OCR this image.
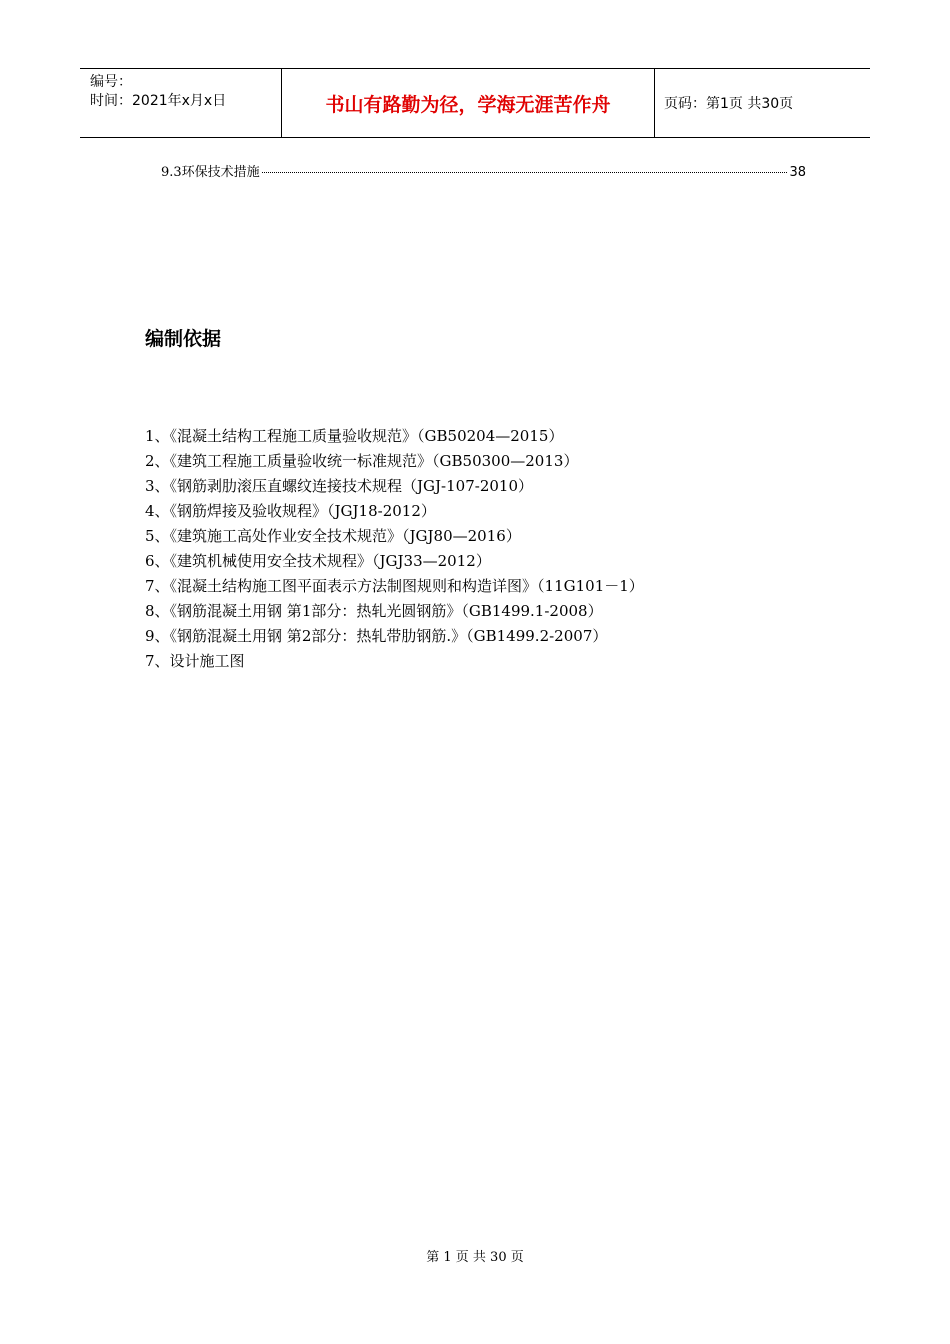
编号：
时间：2021年x月x日	书山有路勤为径，学海无涯苦作舟	页码：第1页 共30页
9.3环保技术措施	38
编制依据
1、《混凝土结构工程施工质量验收规范》（GB50204—2015）
2、《建筑工程施工质量验收统一标准规范》（GB50300—2013）
3、《钢筋剥肋滚压直螺纹连接技术规程（JGJ-107-2010）
4、《钢筋焊接及验收规程》（JGJ18-2012）
5、《建筑施工高处作业安全技术规范》（JGJ80—2016）
6、《建筑机械使用安全技术规程》（JGJ33—2012）
7、《混凝土结构施工图平面表示方法制图规则和构造详图》（11G101－1）
8、《钢筋混凝土用钢 第1部分：热轧光圆钢筋》（GB1499.1-2008）
9、《钢筋混凝土用钢 第2部分：热轧带肋钢筋.》（GB1499.2-2007）
7、设计施工图
第 1 页 共 30 页
